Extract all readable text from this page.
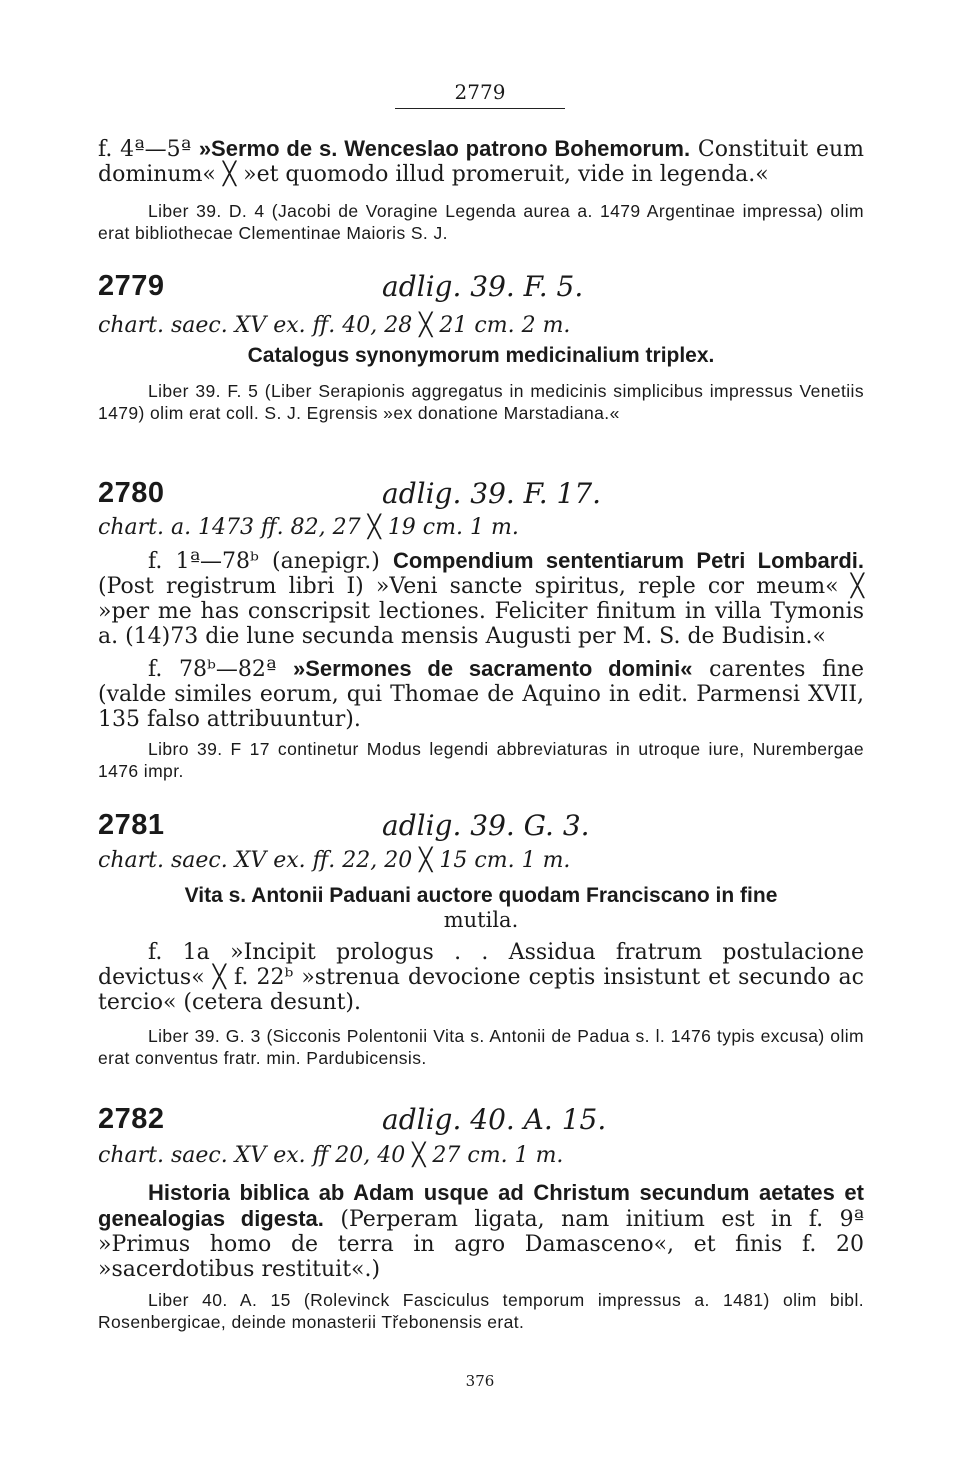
2779

f. 4ª—5ª »Sermo de s. Wenceslao patrono Bohemorum. Constituit eum dominum« ╳ »et quomodo illud promeruit, vide in legenda.«

Liber 39. D. 4 (Jacobi de Voragine Legenda aurea a. 1479 Argentinae impressa) olim erat bibliothecae Clementinae Maioris S. J.

2779	adlig. 39. F. 5.
chart. saec. XV ex. ff. 40, 28 ╳ 21 cm. 2 m.
Catalogus synonymorum medicinalium triplex.

Liber 39. F. 5 (Liber Serapionis aggregatus in medicinis simplicibus impressus Venetiis 1479) olim erat coll. S. J. Egrensis »ex donatione Marstadiana.«

2780	adlig. 39. F. 17.
chart. a. 1473 ff. 82, 27 ╳ 19 cm. 1 m.

f. 1ª—78ᵇ (anepigr.) Compendium sententiarum Petri Lombardi. (Post registrum libri I) »Veni sancte spiritus, reple cor meum« ╳ »per me has conscripsit lectiones. Feliciter finitum in villa Tymonis a. (14)73 die lune secunda mensis Augusti per M. S. de Budisin.«

f. 78ᵇ—82ª »Sermones de sacramento domini« carentes fine (valde similes eorum, qui Thomae de Aquino in edit. Parmensi XVII, 135 falso attribuuntur).

Libro 39. F 17 continetur Modus legendi abbreviaturas in utroque iure, Nurembergae 1476 impr.

2781	adlig. 39. G. 3.
chart. saec. XV ex. ff. 22, 20 ╳ 15 cm. 1 m.
Vita s. Antonii Paduani auctore quodam Franciscano in fine
mutila.

f. 1a »Incipit prologus . . Assidua fratrum postulacione devictus« ╳ f. 22ᵇ »strenua devocione ceptis insistunt et secundo ac tercio« (cetera desunt).

Liber 39. G. 3 (Sicconis Polentonii Vita s. Antonii de Padua s. l. 1476 typis excusa) olim erat conventus fratr. min. Pardubicensis.

2782	adlig. 40. A. 15.
chart. saec. XV ex. ff 20, 40 ╳ 27 cm. 1 m.

Historia biblica ab Adam usque ad Christum secundum aetates et genealogias digesta. (Perperam ligata, nam initium est in f. 9ª »Primus homo de terra in agro Damasceno«, et finis f. 20 »sacerdotibus restituit«.)

Liber 40. A. 15 (Rolevinck Fasciculus temporum impressus a. 1481) olim bibl. Rosenbergicae, deinde monasterii Třebonensis erat.

376
